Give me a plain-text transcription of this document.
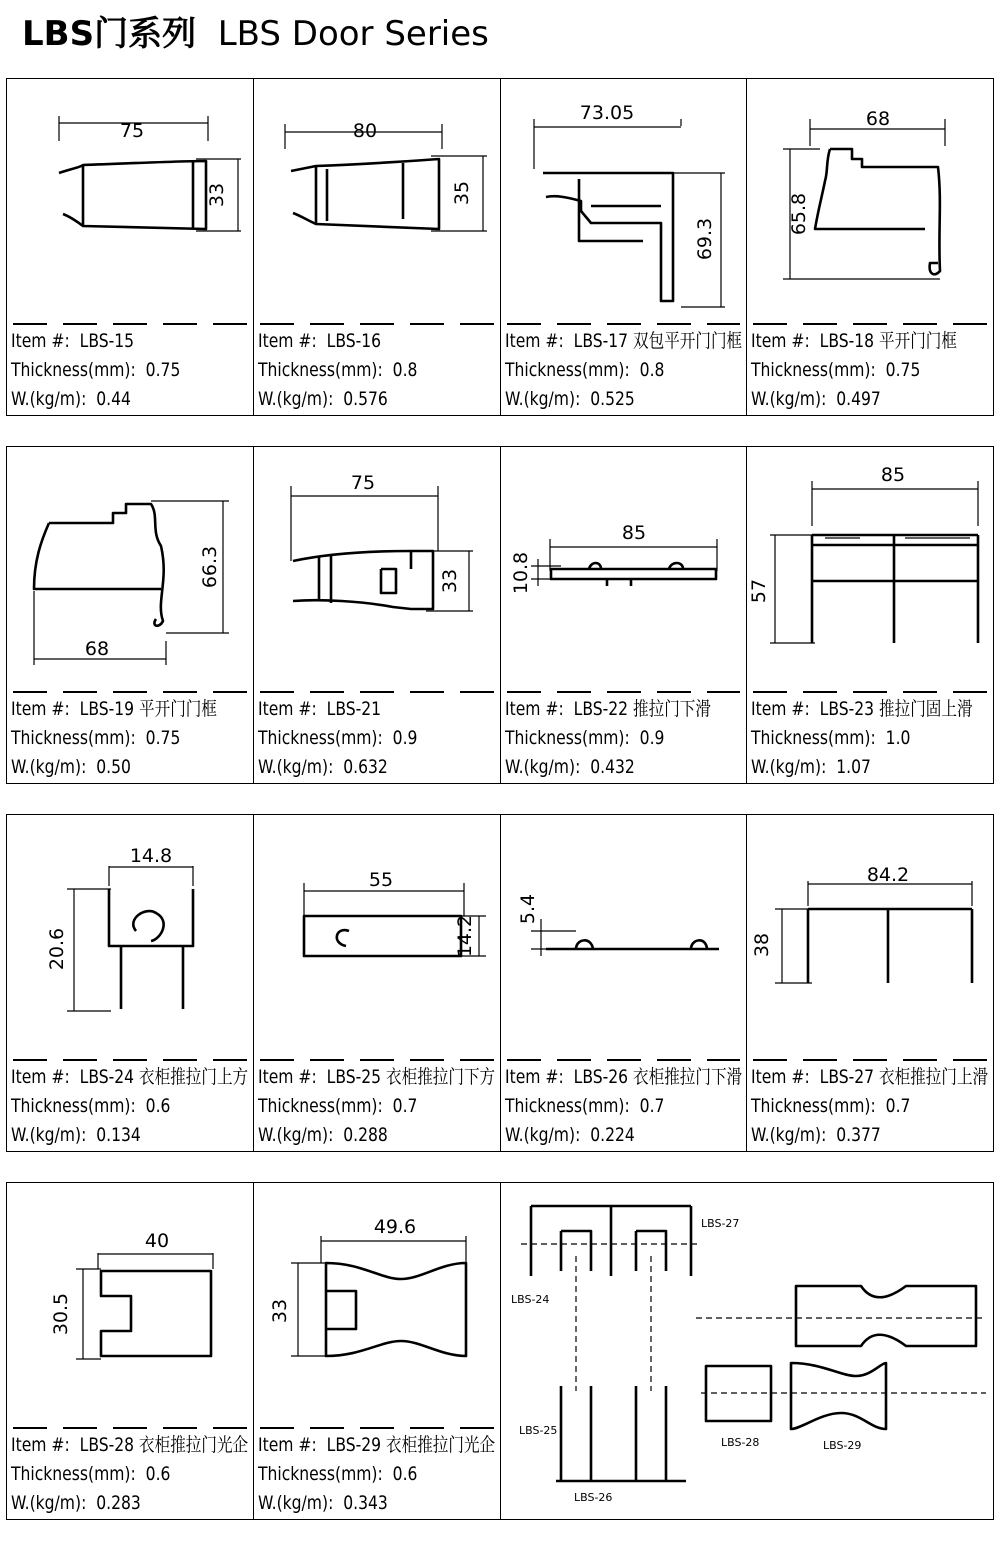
LBS门系列 LBS Door Series
75
33
Item #: LBS-15
Thickness(mm): 0.75
W.(kg/m): 0.44
80
35
Item #: LBS-16
Thickness(mm): 0.8
W.(kg/m): 0.576
73.05
69.3
Item #: LBS-17 双包平开门门框
Thickness(mm): 0.8
W.(kg/m): 0.525
68
65.8
Item #: LBS-18 平开门门框
Thickness(mm): 0.75
W.(kg/m): 0.497
68
66.3
Item #: LBS-19 平开门门框
Thickness(mm): 0.75
W.(kg/m): 0.50
75
33
Item #: LBS-21
Thickness(mm): 0.9
W.(kg/m): 0.632
85
10.8
Item #: LBS-22 推拉门下滑
Thickness(mm): 0.9
W.(kg/m): 0.432
85
57
Item #: LBS-23 推拉门固上滑
Thickness(mm): 1.0
W.(kg/m): 1.07
14.8
20.6
Item #: LBS-24 衣柜推拉门上方
Thickness(mm): 0.6
W.(kg/m): 0.134
55
14.2
Item #: LBS-25 衣柜推拉门下方
Thickness(mm): 0.7
W.(kg/m): 0.288
5.4
Item #: LBS-26 衣柜推拉门下滑
Thickness(mm): 0.7
W.(kg/m): 0.224
84.2
38
Item #: LBS-27 衣柜推拉门上滑
Thickness(mm): 0.7
W.(kg/m): 0.377
40
30.5
Item #: LBS-28 衣柜推拉门光企
Thickness(mm): 0.6
W.(kg/m): 0.283
49.6
33
Item #: LBS-29 衣柜推拉门光企
Thickness(mm): 0.6
W.(kg/m): 0.343
LBS-27
LBS-24
LBS-25
LBS-26
LBS-28	LBS-29
